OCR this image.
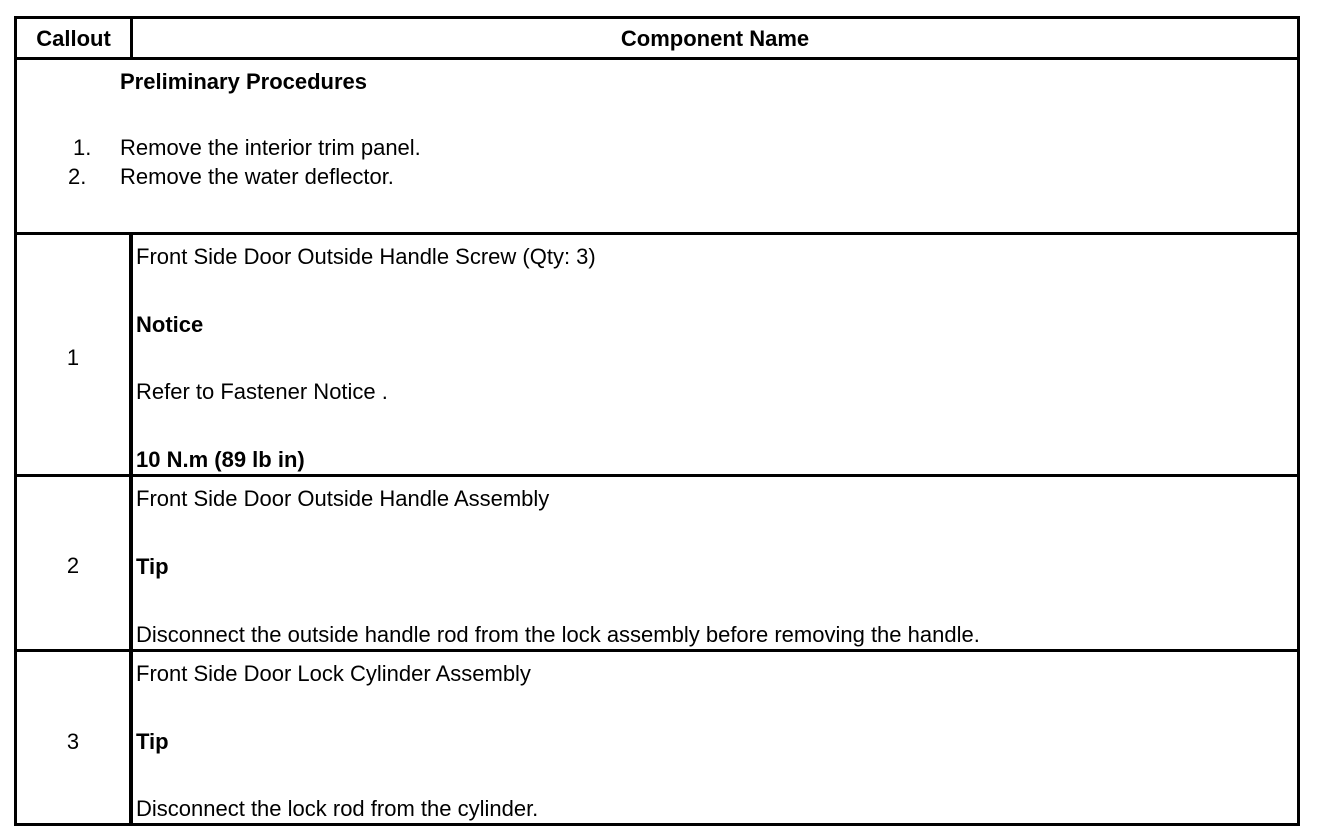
Callout	Component Name
Preliminary Procedures
1. Remove the interior trim panel.
2. Remove the water deflector.
1
Front Side Door Outside Handle Screw (Qty: 3)
Notice
Refer to Fastener Notice .
10 N.m (89 lb in)
2
Front Side Door Outside Handle Assembly
Tip
Disconnect the outside handle rod from the lock assembly before removing the handle.
3
Front Side Door Lock Cylinder Assembly
Tip
Disconnect the lock rod from the cylinder.
